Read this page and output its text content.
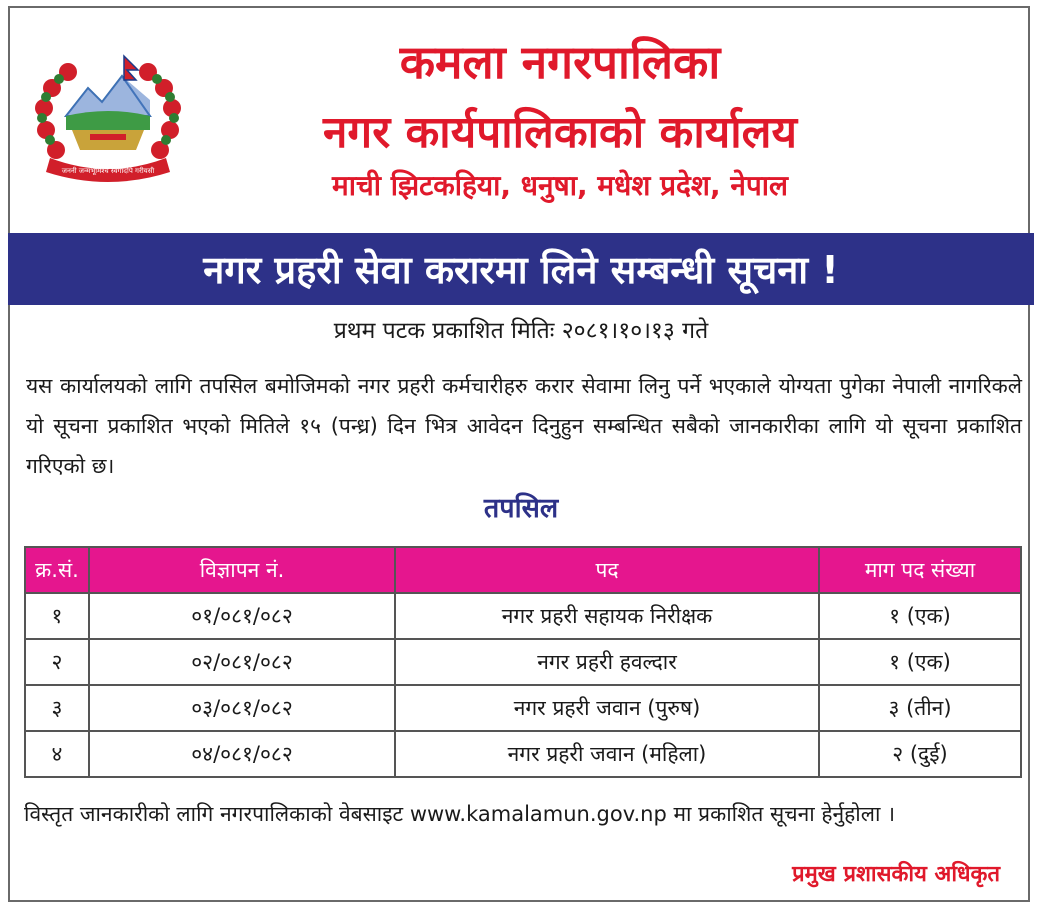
जननी जन्मभूमिश्च स्वर्गादपि गरीयसी
कमला नगरपालिका
नगर कार्यपालिकाको कार्यालय
माची झिटकहिया, धनुषा, मधेश प्रदेश, नेपाल
नगर प्रहरी सेवा करारमा लिने सम्बन्धी सूचना !
प्रथम पटक प्रकाशित मितिः २०८१।१०।१३ गते
यस कार्यालयको लागि तपसिल बमोजिमको नगर प्रहरी कर्मचारीहरु करार सेवामा लिनु पर्ने भएकाले योग्यता पुगेका नेपाली नागरिकले यो सूचना प्रकाशित भएको मितिले १५ (पन्ध्र) दिन भित्र आवेदन दिनुहुन सम्बन्धित सबैको जानकारीका लागि यो सूचना प्रकाशित गरिएको छ।
तपसिल
क्र.सं.	विज्ञापन नं.	पद	माग पद संख्या
१	०१/०८१/०८२	नगर प्रहरी सहायक निरीक्षक	१ (एक)
२	०२/०८१/०८२	नगर प्रहरी हवल्दार	१ (एक)
३	०३/०८१/०८२	नगर प्रहरी जवान (पुरुष)	३ (तीन)
४	०४/०८१/०८२	नगर प्रहरी जवान (महिला)	२ (दुई)
विस्तृत जानकारीको लागि नगरपालिकाको वेबसाइट www.kamalamun.gov.np मा प्रकाशित सूचना हेर्नुहोला ।
प्रमुख प्रशासकीय अधिकृत
